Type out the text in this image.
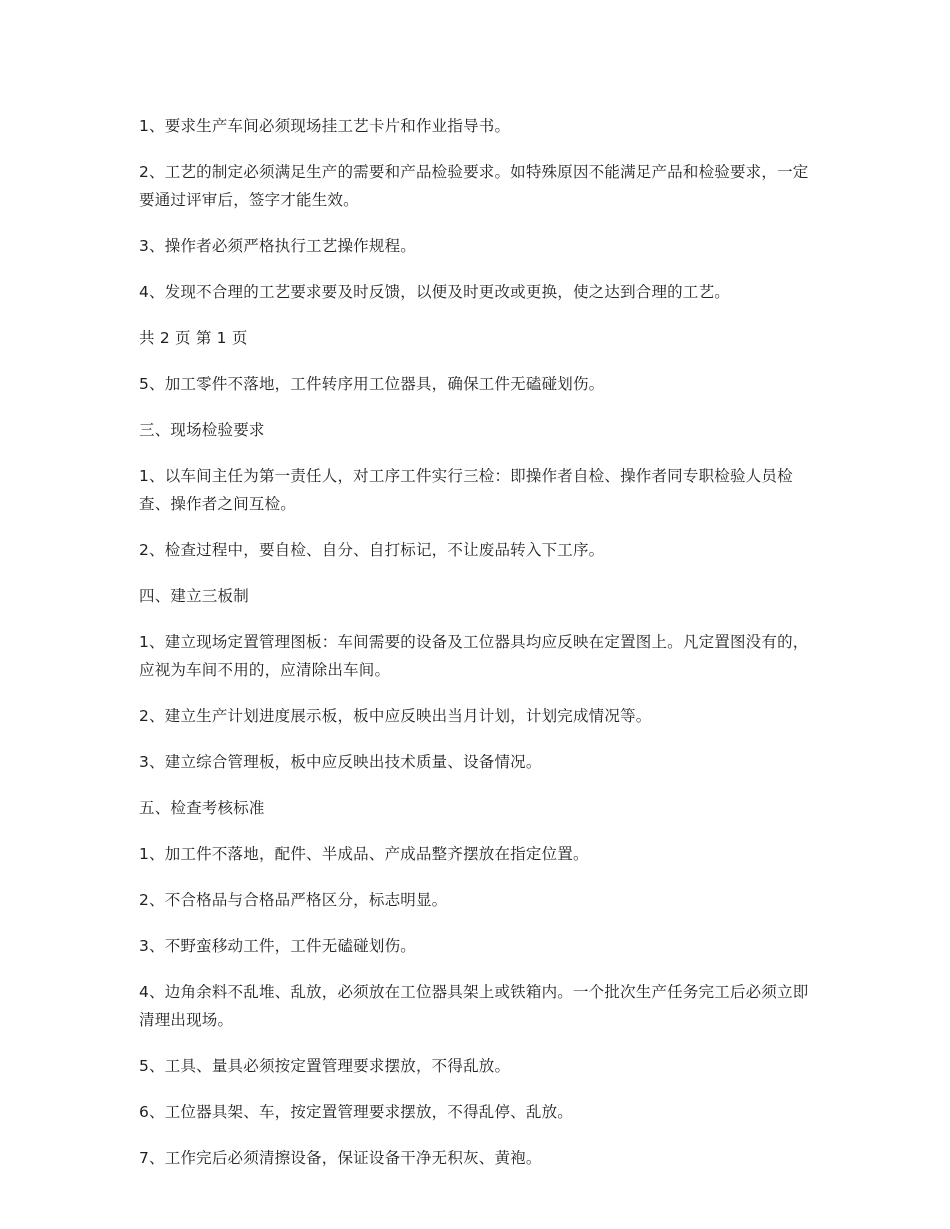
1、要求生产车间必须现场挂工艺卡片和作业指导书。

2、工艺的制定必须满足生产的需要和产品检验要求。如特殊原因不能满足产品和检验要求，一定要通过评审后，签字才能生效。

3、操作者必须严格执行工艺操作规程。

4、发现不合理的工艺要求要及时反馈，以便及时更改或更换，使之达到合理的工艺。

共 2 页 第 1 页

5、加工零件不落地，工件转序用工位器具，确保工件无磕碰划伤。

三、现场检验要求

1、以车间主任为第一责任人，对工序工件实行三检：即操作者自检、操作者同专职检验人员检查、操作者之间互检。

2、检查过程中，要自检、自分、自打标记，不让废品转入下工序。

四、建立三板制

1、建立现场定置管理图板：车间需要的设备及工位器具均应反映在定置图上。凡定置图没有的，应视为车间不用的，应清除出车间。

2、建立生产计划进度展示板，板中应反映出当月计划，计划完成情况等。

3、建立综合管理板，板中应反映出技术质量、设备情况。

五、检查考核标准

1、加工件不落地，配件、半成品、产成品整齐摆放在指定位置。

2、不合格品与合格品严格区分，标志明显。

3、不野蛮移动工件，工件无磕碰划伤。

4、边角余料不乱堆、乱放，必须放在工位器具架上或铁箱内。一个批次生产任务完工后必须立即清理出现场。

5、工具、量具必须按定置管理要求摆放，不得乱放。

6、工位器具架、车，按定置管理要求摆放，不得乱停、乱放。

7、工作完后必须清擦设备，保证设备干净无积灰、黄袍。
